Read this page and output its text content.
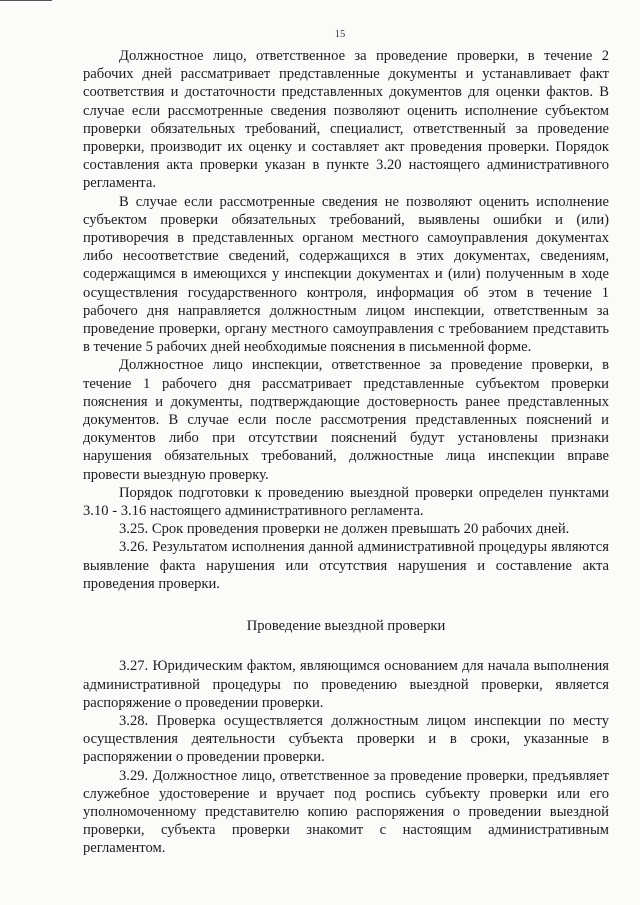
15

Должностное лицо, ответственное за проведение проверки, в течение 2 рабочих дней рассматривает представленные документы и устанавливает факт соответствия и достаточности представленных документов для оценки фактов. В случае если рассмотренные сведения позволяют оценить исполнение субъектом проверки обязательных требований, специалист, ответственный за проведение проверки, производит их оценку и составляет акт проведения проверки. Порядок составления акта проверки указан в пункте 3.20 настоящего административного регламента.

В случае если рассмотренные сведения не позволяют оценить исполнение субъектом проверки обязательных требований, выявлены ошибки и (или) противоречия в представленных органом местного самоуправления документах либо несоответствие сведений, содержащихся в этих документах, сведениям, содержащимся в имеющихся у инспекции документах и (или) полученным в ходе осуществления государственного контроля, информация об этом в течение 1 рабочего дня направляется должностным лицом инспекции, ответственным за проведение проверки, органу местного самоуправления с требованием представить в течение 5 рабочих дней необходимые пояснения в письменной форме.

Должностное лицо инспекции, ответственное за проведение проверки, в течение 1 рабочего дня рассматривает представленные субъектом проверки пояснения и документы, подтверждающие достоверность ранее представленных документов. В случае если после рассмотрения представленных пояснений и документов либо при отсутствии пояснений будут установлены признаки нарушения обязательных требований, должностные лица инспекции вправе провести выездную проверку.

Порядок подготовки к проведению выездной проверки определен пунктами 3.10 - 3.16 настоящего административного регламента.

3.25. Срок проведения проверки не должен превышать 20 рабочих дней.

3.26. Результатом исполнения данной административной процедуры являются выявление факта нарушения или отсутствия нарушения и составление акта проведения проверки.

Проведение выездной проверки

3.27. Юридическим фактом, являющимся основанием для начала выполнения административной процедуры по проведению выездной проверки, является распоряжение о проведении проверки.

3.28. Проверка осуществляется должностным лицом инспекции по месту осуществления деятельности субъекта проверки и в сроки, указанные в распоряжении о проведении проверки.

3.29. Должностное лицо, ответственное за проведение проверки, предъявляет служебное удостоверение и вручает под роспись субъекту проверки или его уполномоченному представителю копию распоряжения о проведении выездной проверки, субъекта проверки знакомит с настоящим административным регламентом.
